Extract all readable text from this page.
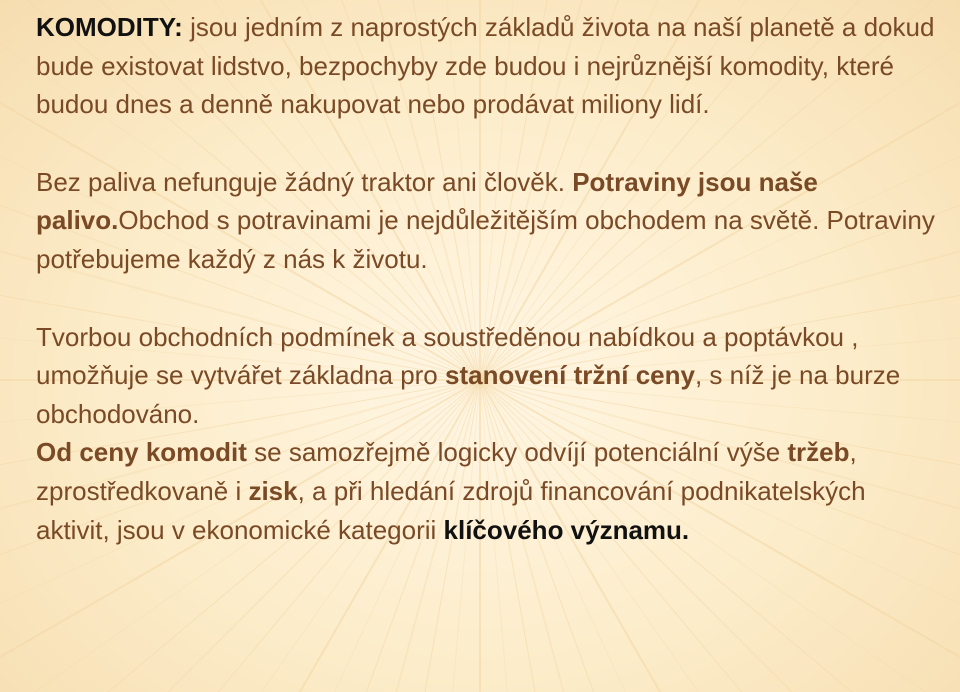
KOMODITY: jsou jedním z naprostých základů života na naší planetě a dokud bude existovat lidstvo, bezpochyby zde budou i nejrůznější komodity, které budou dnes a denně nakupovat nebo prodávat miliony lidí.

Bez paliva nefunguje žádný traktor ani člověk. Potraviny jsou naše palivo.Obchod s potravinami je nejdůležitějším obchodem na světě. Potraviny potřebujeme každý z nás k životu.

Tvorbou obchodních podmínek a soustředěnou nabídkou a poptávkou , umožňuje se vytvářet základna pro stanovení tržní ceny, s níž je na burze obchodováno.

Od ceny komodit se samozřejmě logicky odvíjí potenciální výše tržeb, zprostředkovaně i zisk, a při hledání zdrojů financování podnikatelských aktivit, jsou v ekonomické kategorii klíčového významu.
